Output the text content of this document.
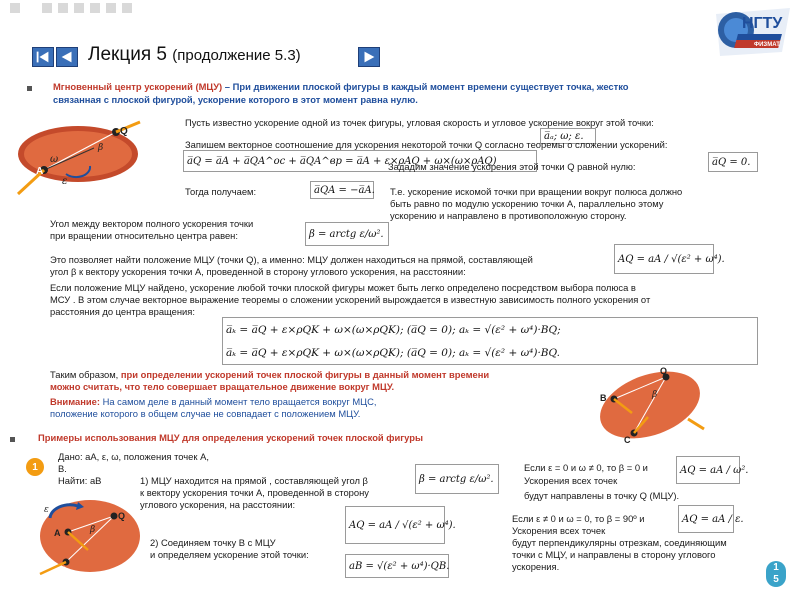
НГТУ
ФИЗМАТ
Лекция 5 (продолжение 5.3)
Мгновенный центр ускорений (МЦУ) – При движении плоской фигуры в каждый момент времени существует точка, жестко
связанная с плоской фигурой, ускорение которого в этот момент равна нулю.
A
Q
ε
ω
β
Пусть известно ускорение одной из точек фигуры, угловая скорость и угловое ускорение вокруг этой точки:
a̅ₐ; ω; ε.
Запишем векторное соотношение для ускорения некоторой точки Q согласно теоремы о сложении ускорений:
a̅Q = a̅A + a̅QA^ос + a̅QA^вр = a̅A + ε×ρAQ + ω×(ω×ρAQ)
Зададим значение ускорения этой точки Q равной нулю:	a̅Q = 0.
Тогда получаем:	a̅QA = −a̅A. Т.е. ускорение искомой точки при вращении вокруг полюса должно
быть равно по модулю ускорению точки А, параллельно этому
ускорению и направлено в противоположную сторону.
Угол между вектором полного ускорения точки
при вращении относительно центра равен:	β = arctg ε/ω².
Это позволяет найти положение МЦУ (точки Q), а именно: МЦУ должен находиться на прямой, составляющей
угол β к вектору ускорения точки А, проведенной в сторону углового ускорения, на расстоянии:
AQ = aA / √(ε² + ω⁴).
Если положение МЦУ найдено, ускорение любой точки плоской фигуры может быть легко определено посредством выбора полюса в
МСУ . В этом случае векторное выражение теоремы о сложении ускорений вырождается в известную зависимость полного ускорения от
расстояния до центра вращения:
a̅ₖ = a̅Q + ε×ρQK + ω×(ω×ρQK); (a̅Q = 0); aₖ = √(ε² + ω⁴)·BQ;
a̅ₖ = a̅Q + ε×ρQK + ω×(ω×ρQK); (a̅Q = 0); aₖ = √(ε² + ω⁴)·BQ.
Q
B
C
β
Таким образом, при определении ускорений точек плоской фигуры в данный момент времени
можно считать, что тело совершает вращательное движение вокруг МЦУ.
Внимание: На самом деле в данный момент тело вращается вокруг МЦС,
положение которого в общем случае не совпадает с положением МЦУ.
Примеры использования МЦУ для определения ускорений точек плоской фигуры
1
Дано: aA, ε, ω, положения точек А,
В.
Найти: aB
ε
A
Q
B
β
1) МЦУ находится на прямой , составляющей угол β
к вектору ускорения точки А, проведенной в сторону
углового ускорения, на расстоянии:
β = arctg ε/ω².
AQ = aA / √(ε² + ω⁴).
2) Соединяем точку В с МЦУ
и определяем ускорение этой точки:
aB = √(ε² + ω⁴)·QB.
Если ε = 0 и ω ≠ 0, то β = 0 и
Ускорения всех точек
будут направлены в точку Q (МЦУ).
AQ = aA / ω².
Если ε ≠ 0 и ω = 0, то β = 90º и
Ускорения всех точек
будут перпендикулярны отрезкам, соединяющим
точки с МЦУ, и направлены в сторону углового
ускорения.
AQ = aA / ε.
1
5
